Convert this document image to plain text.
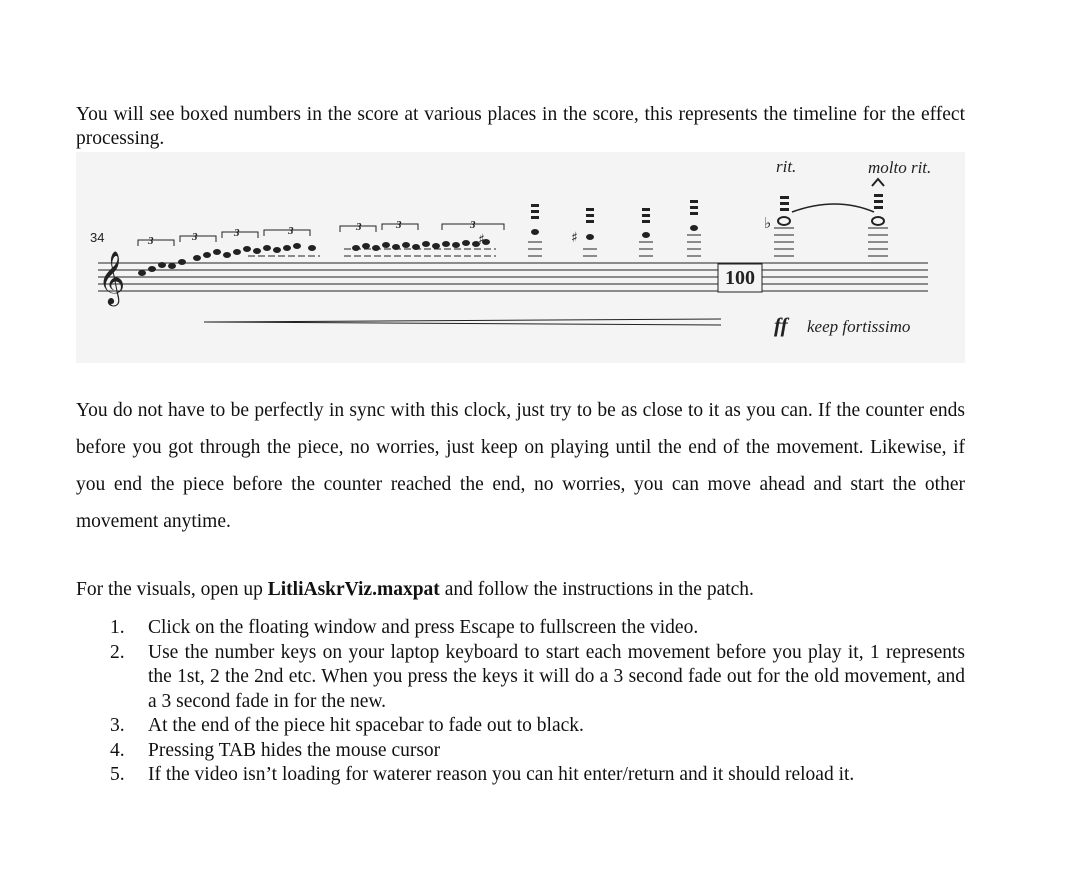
You will see boxed numbers in the score at various places in the score, this represents the timeline for the effect processing.

𝄞
34	3	3	3	3	3	3	3
♯	♯
100
rit.	molto rit.
♭
ff keep fortissimo

You do not have to be perfectly in sync with this clock, just try to be as close to it as you can. If the counter ends before you got through the piece, no worries, just keep on playing until the end of the movement. Likewise, if you end the piece before the counter reached the end, no worries, you can move ahead and start the other movement anytime.

For the visuals, open up LitliAskrViz.maxpat and follow the instructions in the patch.

1. Click on the floating window and press Escape to fullscreen the video.
2. Use the number keys on your laptop keyboard to start each movement before you play it, 1 represents the 1st, 2 the 2nd etc. When you press the keys it will do a 3 second fade out for the old movement, and a 3 second fade in for the new.
3. At the end of the piece hit spacebar to fade out to black.
4. Pressing TAB hides the mouse cursor
5. If the video isn’t loading for waterer reason you can hit enter/return and it should reload it.
